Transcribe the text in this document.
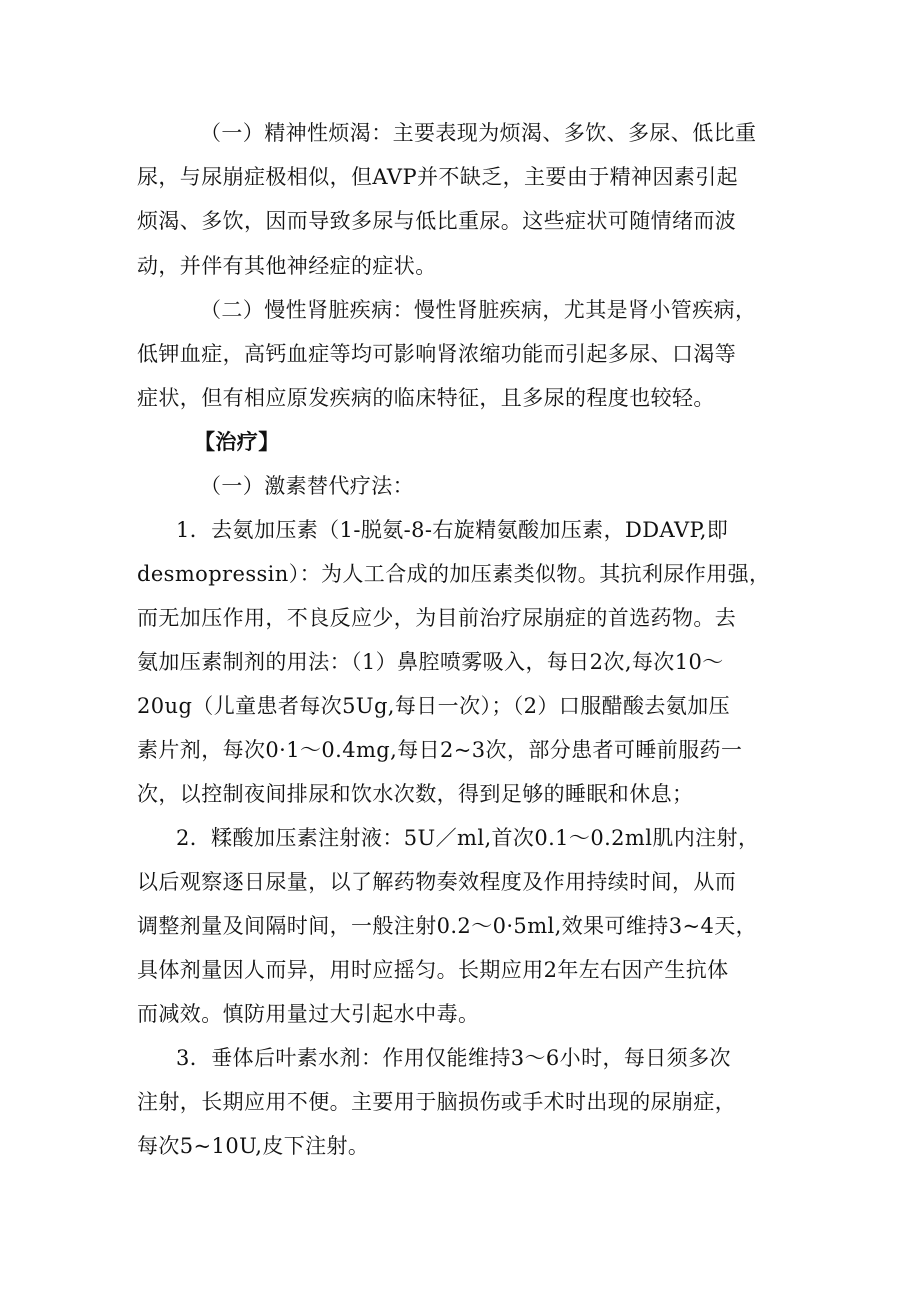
（一）精神性烦渴：主要表现为烦渴、多饮、多尿、低比重
尿，与尿崩症极相似，但AVP并不缺乏，主要由于精神因素引起
烦渴、多饮，因而导致多尿与低比重尿。这些症状可随情绪而波
动，并伴有其他神经症的症状。
（二）慢性肾脏疾病：慢性肾脏疾病，尤其是肾小管疾病，
低钾血症，高钙血症等均可影响肾浓缩功能而引起多尿、口渴等
症状，但有相应原发疾病的临床特征，且多尿的程度也较轻。
【治疗】
（一）激素替代疗法：
1．去氨加压素（1-脱氨-8-右旋精氨酸加压素，DDAVP,即
desmopressin）：为人工合成的加压素类似物。其抗利尿作用强，
而无加压作用，不良反应少，为目前治疗尿崩症的首选药物。去
氨加压素制剂的用法：（1）鼻腔喷雾吸入，每日2次,每次10～
20ug（儿童患者每次5Ug,每日一次）；（2）口服醋酸去氨加压
素片剂，每次0·1～0.4mg,每日2~3次，部分患者可睡前服药一
次，以控制夜间排尿和饮水次数，得到足够的睡眠和休息；
2．糅酸加压素注射液：5U／ml,首次0.1～0.2ml肌内注射，
以后观察逐日尿量，以了解药物奏效程度及作用持续时间，从而
调整剂量及间隔时间，一般注射0.2～0·5ml,效果可维持3~4天，
具体剂量因人而异，用时应摇匀。长期应用2年左右因产生抗体
而减效。慎防用量过大引起水中毒。
3．垂体后叶素水剂：作用仅能维持3～6小时，每日须多次
注射，长期应用不便。主要用于脑损伤或手术时出现的尿崩症，
每次5~10U,皮下注射。
